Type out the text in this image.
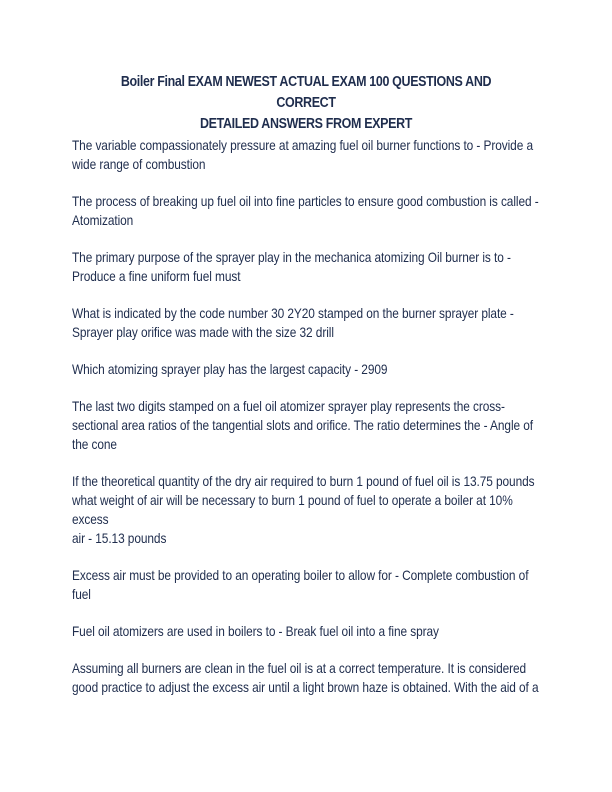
Boiler Final EXAM NEWEST ACTUAL EXAM 100 QUESTIONS AND CORRECT
DETAILED ANSWERS FROM EXPERT

The variable compassionately pressure at amazing fuel oil burner functions to - Provide a
wide range of combustion

The process of breaking up fuel oil into fine particles to ensure good combustion is called -
Atomization

The primary purpose of the sprayer play in the mechanica atomizing Oil burner is to -
Produce a fine uniform fuel must

What is indicated by the code number 30 2Y20 stamped on the burner sprayer plate -
Sprayer play orifice was made with the size 32 drill

Which atomizing sprayer play has the largest capacity - 2909

The last two digits stamped on a fuel oil atomizer sprayer play represents the cross-
sectional area ratios of the tangential slots and orifice. The ratio determines the - Angle of
the cone

If the theoretical quantity of the dry air required to burn 1 pound of fuel oil is 13.75 pounds
what weight of air will be necessary to burn 1 pound of fuel to operate a boiler at 10% excess
air - 15.13 pounds

Excess air must be provided to an operating boiler to allow for - Complete combustion of
fuel

Fuel oil atomizers are used in boilers to - Break fuel oil into a fine spray

Assuming all burners are clean in the fuel oil is at a correct temperature. It is considered
good practice to adjust the excess air until a light brown haze is obtained. With the aid of a
